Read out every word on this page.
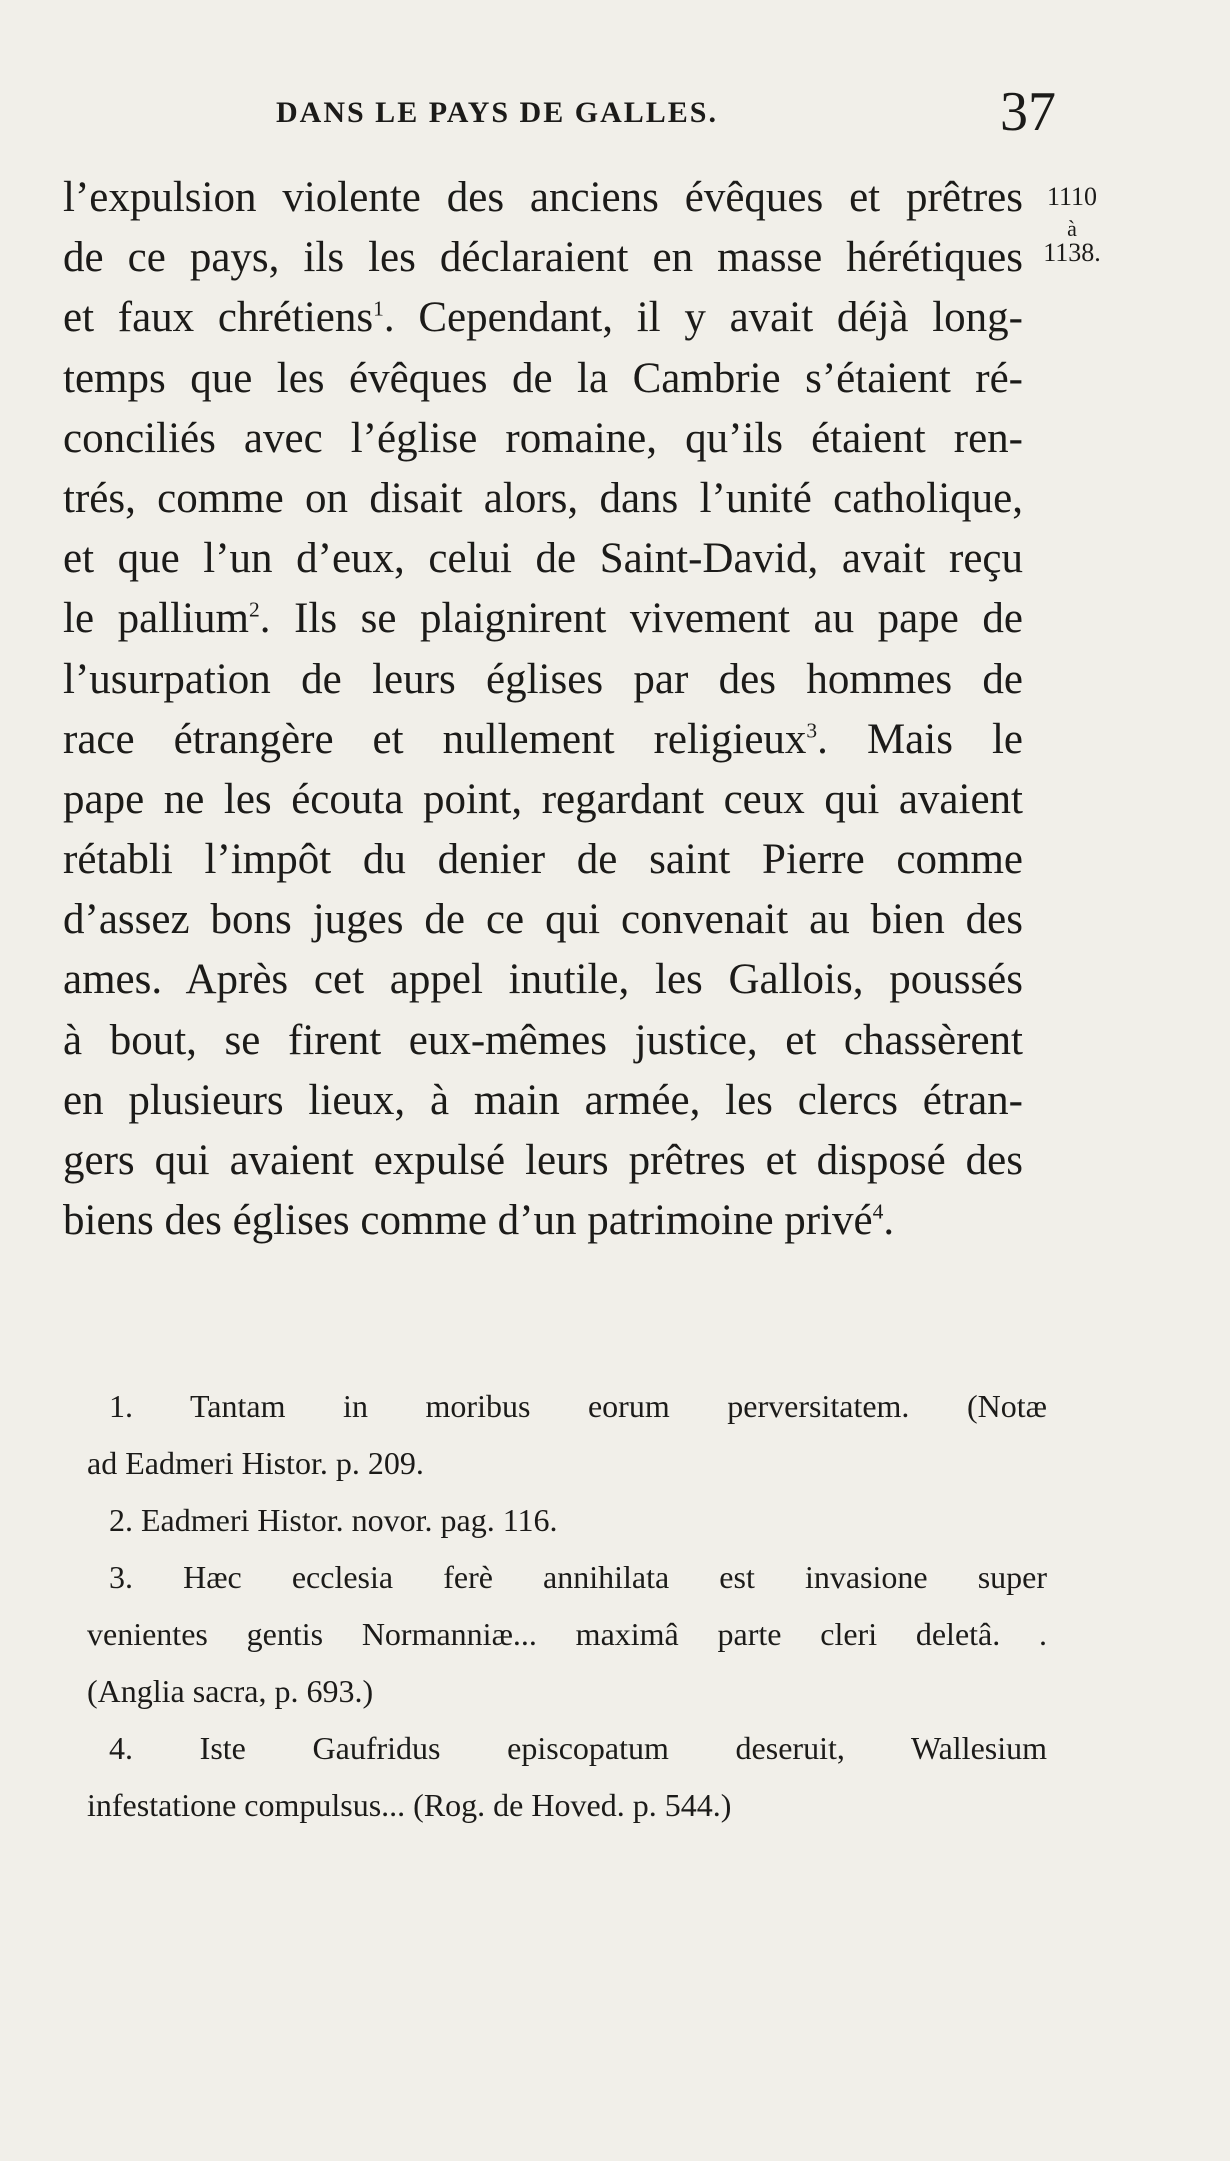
DANS LE PAYS DE GALLES.	37
1110
à
1138.
l’expulsion violente des anciens évêques et prêtres
de ce pays, ils les déclaraient en masse hérétiques
et faux chrétiens$^1$. Cependant, il y avait déjà long-
temps que les évêques de la Cambrie s’étaient ré-
conciliés avec l’église romaine, qu’ils étaient ren-
trés, comme on disait alors, dans l’unité catholique,
et que l’un d’eux, celui de Saint-David, avait reçu
le pallium$^2$. Ils se plaignirent vivement au pape de
l’usurpation de leurs églises par des hommes de
race étrangère et nullement religieux$^3$. Mais le
pape ne les écouta point, regardant ceux qui avaient
rétabli l’impôt du denier de saint Pierre comme
d’assez bons juges de ce qui convenait au bien des
ames. Après cet appel inutile, les Gallois, poussés
à bout, se firent eux-mêmes justice, et chassèrent
en plusieurs lieux, à main armée, les clercs étran-
gers qui avaient expulsé leurs prêtres et disposé des
biens des églises comme d’un patrimoine privé$^4$.
1. Tantam in moribus eorum perversitatem. (Notæ
ad Eadmeri Histor. p. 209.
2. Eadmeri Histor. novor. pag. 116.
3. Hæc ecclesia ferè annihilata est invasione super
venientes gentis Normanniæ... maximâ parte cleri deletâ. .
(Anglia sacra, p. 693.)
4. Iste Gaufridus episcopatum deseruit, Wallesium
infestatione compulsus... (Rog. de Hoved. p. 544.)
